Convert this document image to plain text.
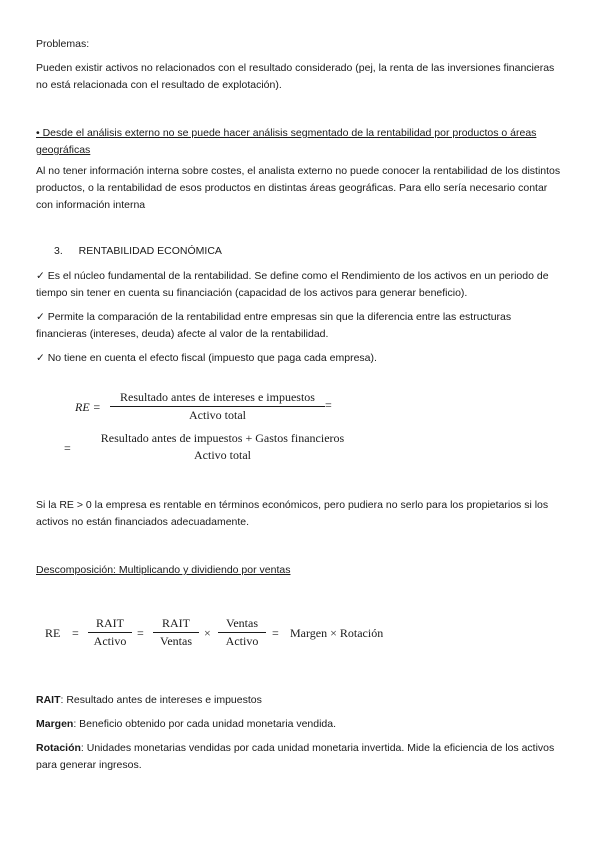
Problemas:
Pueden existir activos no relacionados con el resultado considerado (pej, la renta de las inversiones financieras no está relacionada con el resultado de explotación).
• Desde el análisis externo no se puede hacer análisis segmentado de la rentabilidad por productos o áreas geográficas
Al no tener información interna sobre costes, el analista externo no puede conocer la rentabilidad de los distintos productos, o la rentabilidad de esos productos en distintas áreas geográficas. Para ello sería necesario contar con información interna
3. RENTABILIDAD ECONÓMICA
✓ Es el núcleo fundamental de la rentabilidad. Se define como el Rendimiento de los activos en un periodo de tiempo sin tener en cuenta su financiación (capacidad de los activos para generar beneficio).
✓ Permite la comparación de la rentabilidad entre empresas sin que la diferencia entre las estructuras financieras (intereses, deuda) afecte al valor de la rentabilidad.
✓ No tiene en cuenta el efecto fiscal (impuesto que paga cada empresa).
RE =
Resultado antes de intereses e impuestos
Activo total
=
=
Resultado antes de impuestos + Gastos financieros
Activo total
Si la RE > 0 la empresa es rentable en términos económicos, pero pudiera no serlo para los propietarios si los activos no están financiados adecuadamente.
Descomposición: Multiplicando y dividiendo por ventas
RE =
RAIT
Activo
=
RAIT
Ventas
×
Ventas
Activo
= Margen × Rotación
RAIT: Resultado antes de intereses e impuestos
Margen: Beneficio obtenido por cada unidad monetaria vendida.
Rotación: Unidades monetarias vendidas por cada unidad monetaria invertida. Mide la eficiencia de los activos para generar ingresos.
